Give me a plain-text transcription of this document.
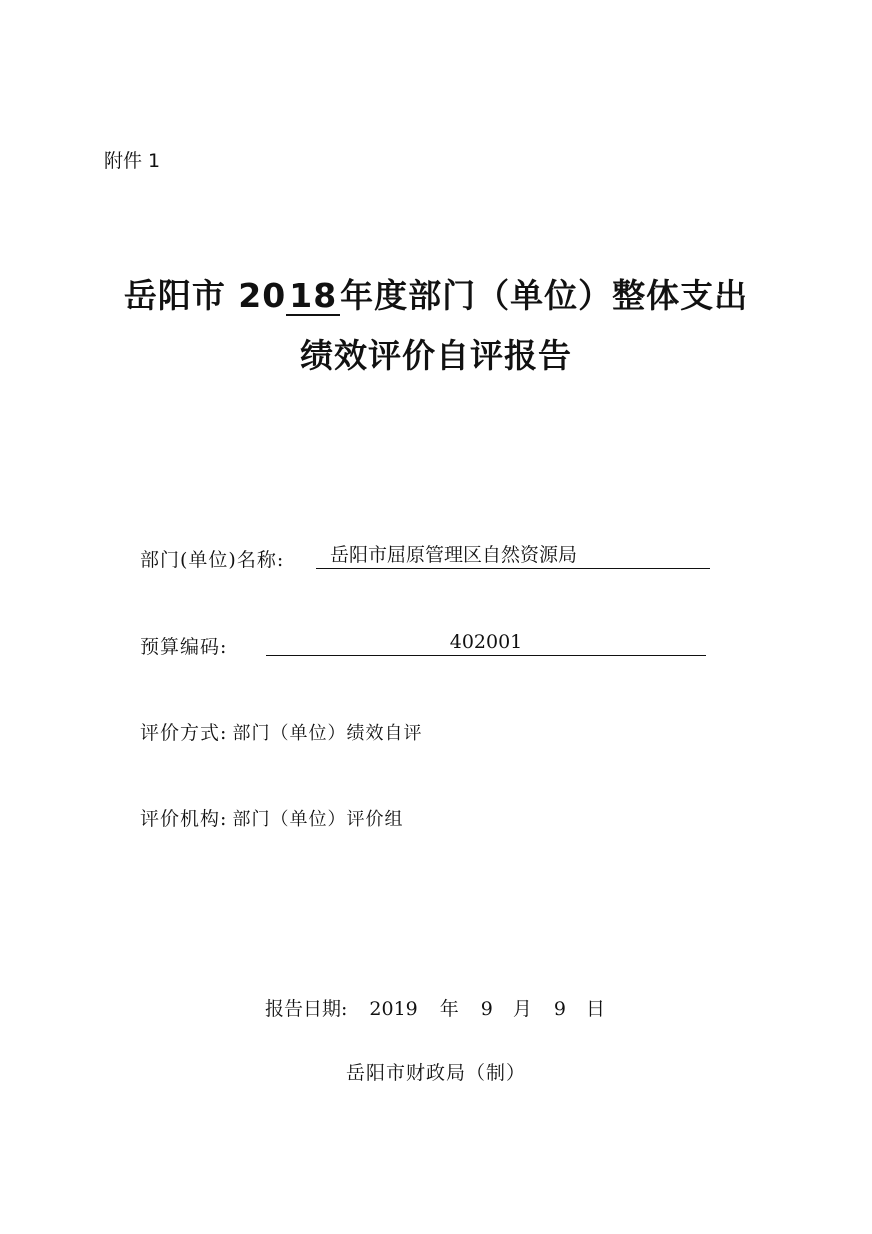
附件 1
岳阳市 2018年度部门（单位）整体支出
绩效评价自评报告
部门(单位)名称:	岳阳市屈原管理区自然资源局
预算编码:	402001
评价方式: 部门（单位）绩效自评
评价机构: 部门（单位）评价组
报告日期: 2019 年 9 月 9 日
岳阳市财政局（制）
